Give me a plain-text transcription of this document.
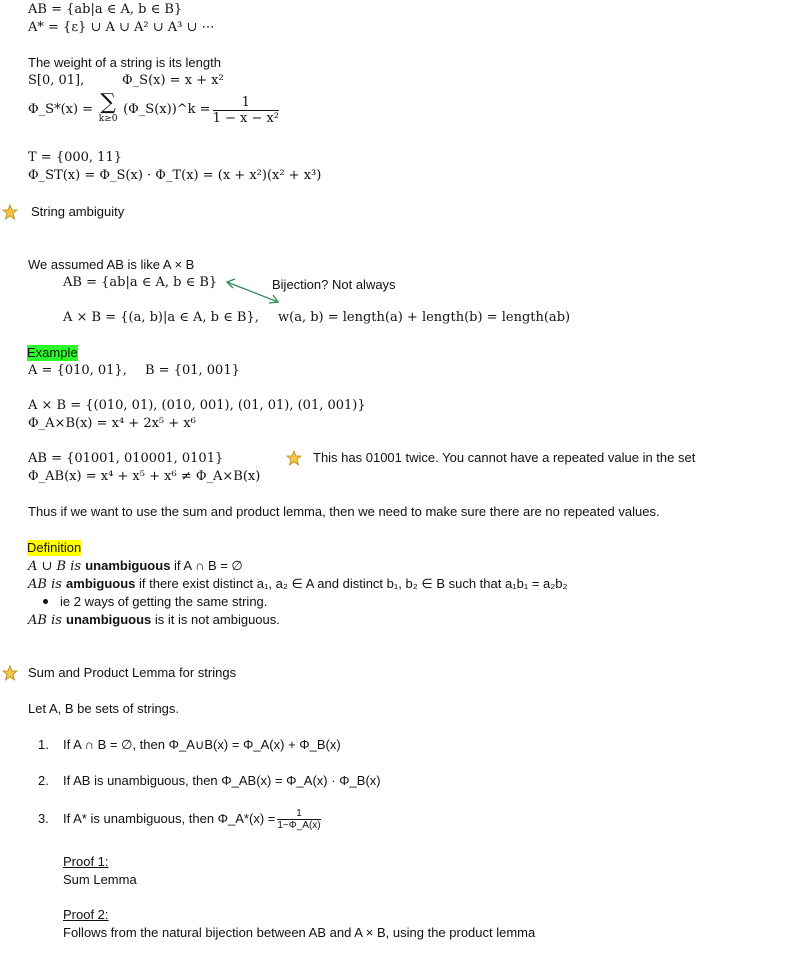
AB = {ab|a ∈ A, b ∈ B}
A* = {ε} ∪ A ∪ A² ∪ A³ ∪ ⋯
The weight of a string is its length
S[0, 01],	Φ_S(x) = x + x²
Φ_S*(x) = ∑
k≥0
(Φ_S(x))^k = $\frac{1}{\text{1 − x − x²}}$
T = {000, 11}
Φ_ST(x) = Φ_S(x) · Φ_T(x) = (x + x²)(x² + x³)
String ambiguity
We assumed AB is like A × B
AB = {ab|a ∈ A, b ∈ B}	Bijection? Not always
A × B = {(a, b)|a ∈ A, b ∈ B}, w(a, b) = length(a) + length(b) = length(ab)
Example
A = {010, 01}, B = {01, 001}
A × B = {(010, 01), (010, 001), (01, 01), (01, 001)}
Φ_A×B(x) = x⁴ + 2x⁵ + x⁶
AB = {01001, 010001, 0101}	This has 01001 twice. You cannot have a repeated value in the set
Φ_AB(x) = x⁴ + x⁵ + x⁶ ≠ Φ_A×B(x)
Thus if we want to use the sum and product lemma, then we need to make sure there are no repeated values.
Definition
A ∪ B is unambiguous if A ∩ B = ∅
AB is ambiguous if there exist distinct a₁, a₂ ∈ A and distinct b₁, b₂ ∈ B such that a₁b₁ = a₂b₂
ie 2 ways of getting the same string.
AB is unambiguous is it is not ambiguous.
Sum and Product Lemma for strings
Let A, B be sets of strings.
1. If A ∩ B = ∅, then Φ_A∪B(x) = Φ_A(x) + Φ_B(x)
2. If AB is unambiguous, then Φ_AB(x) = Φ_A(x) · Φ_B(x)
3.	If A* is unambiguous, then Φ_A*(x) = $\frac{1}{1-\Phi\_A(x)}$
Proof 1:
Sum Lemma
Proof 2:
Follows from the natural bijection between AB and A × B, using the product lemma
